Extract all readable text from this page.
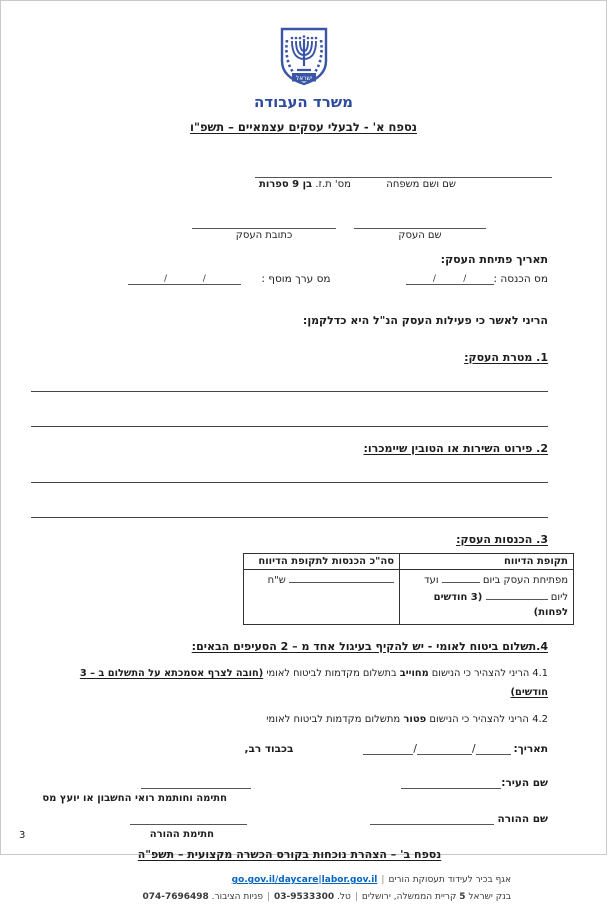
ישראל
משרד העבודה
נספח א' - לבעלי עסקים עצמאיים – תשפ"ו
שם ושם משפחה
מס' ת.ז. בן 9 ספרות
שם העסק
כתובת העסק
תאריך פתיחת העסק:
מס הכנסה :
/
/
מס ערך מוסף :
/
/
הריני לאשר כי פעילות העסק הנ"ל היא כדלקמן:
1. מטרת העסק:
2. פירוט השירות או הטובין שיימכרו:
3. הכנסות העסק:
תקופת הדיווח	סה"כ הכנסות לתקופת הדיווח
מפתיחת העסק ביום  ועד ליום  (3 חודשים לפחות)	ש"ח
4.תשלום ביטוח לאומי - יש להקיף בעיגול אחד מ – 2 הסעיפים הבאים:

4.1 הריני להצהיר כי הנישום מחוייב בתשלום מקדמות לביטוח לאומי (חובה לצרף אסמכתא על התשלום ב – 3
חודשים)

4.2 הריני להצהיר כי הנישום פטור מתשלום מקדמות לביטוח לאומי

תאריך:
/
/
בכבוד רב,
שם העיר:
חתימה וחותמת רואי החשבון או יועץ מס
שם ההורה
חתימת ההורה
נספח ב' – הצהרת נוכחות בקורס הכשרה מקצועית – תשפ"ה
אגף בכיר לעידוד תעסוקת הורים|go.gov.il/daycare|labor.gov.il
בנק ישראל 5 קריית הממשלה, ירושלים|טל. 03-9533300|פניות הציבור. 074-7696498
3
